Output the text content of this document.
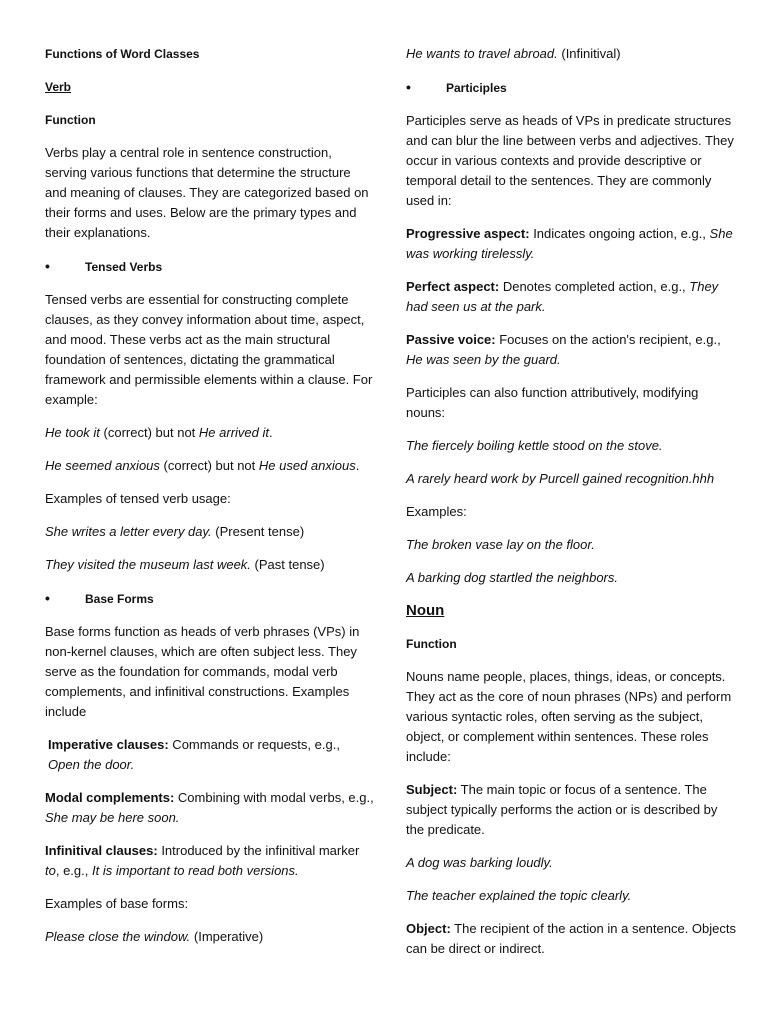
Functions of Word Classes

Verb

Function

Verbs play a central role in sentence construction, serving various functions that determine the structure and meaning of clauses. They are categorized based on their forms and uses. Below are the primary types and their explanations.

•	Tensed Verbs

Tensed verbs are essential for constructing complete clauses, as they convey information about time, aspect, and mood. These verbs act as the main structural foundation of sentences, dictating the grammatical framework and permissible elements within a clause. For example:

He took it (correct) but not He arrived it.

He seemed anxious (correct) but not He used anxious.

Examples of tensed verb usage:

She writes a letter every day. (Present tense)

They visited the museum last week. (Past tense)

•	Base Forms

Base forms function as heads of verb phrases (VPs) in non-kernel clauses, which are often subject less. They serve as the foundation for commands, modal verb complements, and infinitival constructions. Examples include

Imperative clauses: Commands or requests, e.g., Open the door.

Modal complements: Combining with modal verbs, e.g., She may be here soon.

Infinitival clauses: Introduced by the infinitival marker to, e.g., It is important to read both versions.

Examples of base forms:

Please close the window. (Imperative)

He wants to travel abroad. (Infinitival)

•	Participles

Participles serve as heads of VPs in predicate structures and can blur the line between verbs and adjectives. They occur in various contexts and provide descriptive or temporal detail to the sentences. They are commonly used in:

Progressive aspect: Indicates ongoing action, e.g., She was working tirelessly.

Perfect aspect: Denotes completed action, e.g., They had seen us at the park.

Passive voice: Focuses on the action's recipient, e.g., He was seen by the guard.

Participles can also function attributively, modifying nouns:

The fiercely boiling kettle stood on the stove.

A rarely heard work by Purcell gained recognition.hhh

Examples:

The broken vase lay on the floor.

A barking dog startled the neighbors.

Noun

Function

Nouns name people, places, things, ideas, or concepts. They act as the core of noun phrases (NPs) and perform various syntactic roles, often serving as the subject, object, or complement within sentences. These roles include:

Subject: The main topic or focus of a sentence. The subject typically performs the action or is described by the predicate.

A dog was barking loudly.

The teacher explained the topic clearly.

Object: The recipient of the action in a sentence. Objects can be direct or indirect.
